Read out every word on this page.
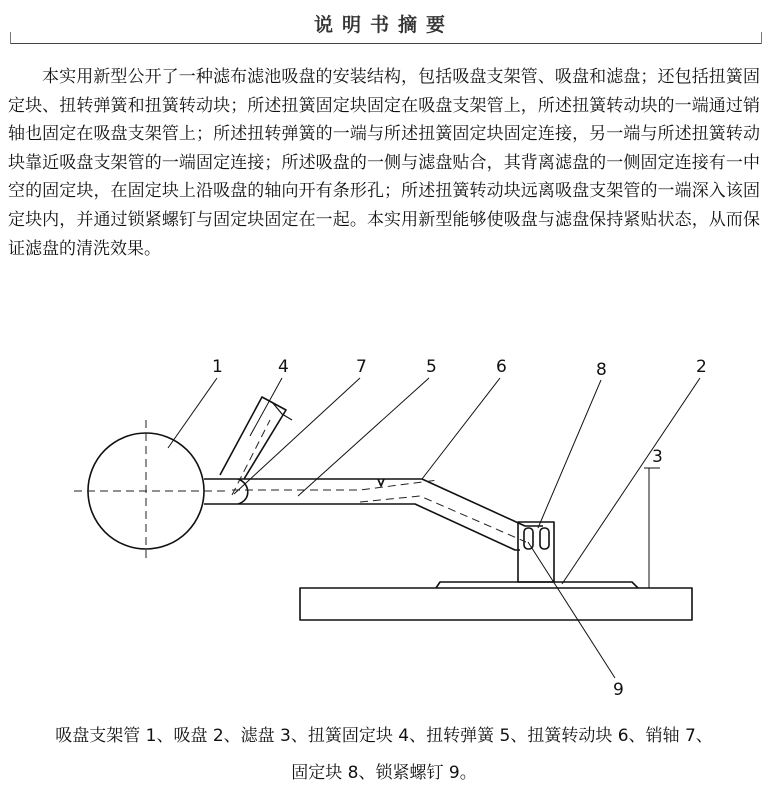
说明书摘要

本实用新型公开了一种滤布滤池吸盘的安装结构，包括吸盘支架管、吸盘和滤盘；还包括扭簧固定块、扭转弹簧和扭簧转动块；所述扭簧固定块固定在吸盘支架管上，所述扭簧转动块的一端通过销轴也固定在吸盘支架管上；所述扭转弹簧的一端与所述扭簧固定块固定连接，另一端与所述扭簧转动块靠近吸盘支架管的一端固定连接；所述吸盘的一侧与滤盘贴合，其背离滤盘的一侧固定连接有一中空的固定块，在固定块上沿吸盘的轴向开有条形孔；所述扭簧转动块远离吸盘支架管的一端深入该固定块内，并通过锁紧螺钉与固定块固定在一起。本实用新型能够使吸盘与滤盘保持紧贴状态，从而保证滤盘的清洗效果。

1	4	7	5	6	8	2
3
9

吸盘支架管 1、吸盘 2、滤盘 3、扭簧固定块 4、扭转弹簧 5、扭簧转动块 6、销轴 7、

固定块 8、锁紧螺钉 9。
